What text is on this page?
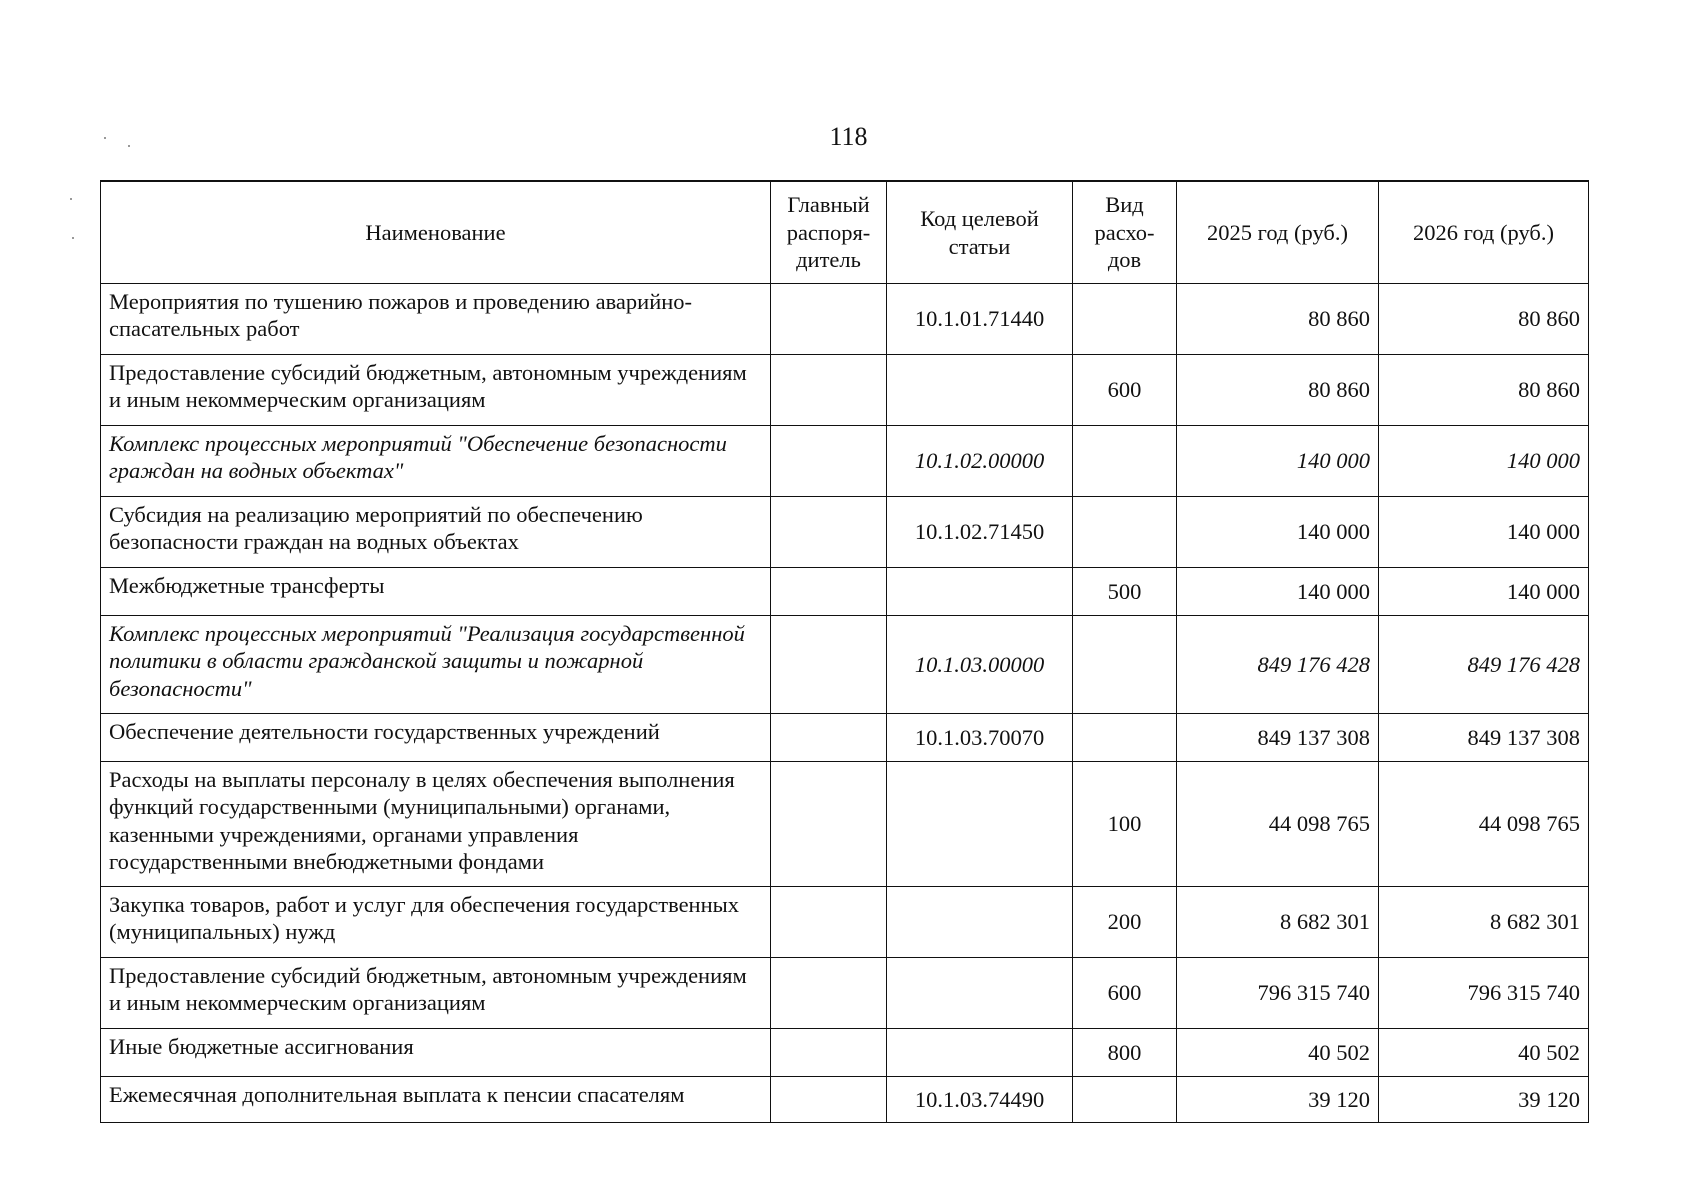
118
Наименование	Главный распоря-дитель	Код целевой статьи	Вид расхо-дов	2025 год (руб.)	2026 год (руб.)
Мероприятия по тушению пожаров и проведению аварийно-спасательных работ		10.1.01.71440		80 860	80 860
Предоставление субсидий бюджетным, автономным учреждениям и иным некоммерческим организациям			600	80 860	80 860
Комплекс процессных мероприятий "Обеспечение безопасности граждан на водных объектах"		10.1.02.00000		140 000	140 000
Субсидия на реализацию мероприятий по обеспечению безопасности граждан на водных объектах		10.1.02.71450		140 000	140 000
Межбюджетные трансферты			500	140 000	140 000
Комплекс процессных мероприятий "Реализация государственной политики в области гражданской защиты и пожарной безопасности"		10.1.03.00000		849 176 428	849 176 428
Обеспечение деятельности государственных учреждений		10.1.03.70070		849 137 308	849 137 308
Расходы на выплаты персоналу в целях обеспечения выполнения функций государственными (муниципальными) органами, казенными учреждениями, органами управления государственными внебюджетными фондами			100	44 098 765	44 098 765
Закупка товаров, работ и услуг для обеспечения государственных (муниципальных) нужд			200	8 682 301	8 682 301
Предоставление субсидий бюджетным, автономным учреждениям и иным некоммерческим организациям			600	796 315 740	796 315 740
Иные бюджетные ассигнования			800	40 502	40 502
Ежемесячная дополнительная выплата к пенсии спасателям		10.1.03.74490		39 120	39 120
